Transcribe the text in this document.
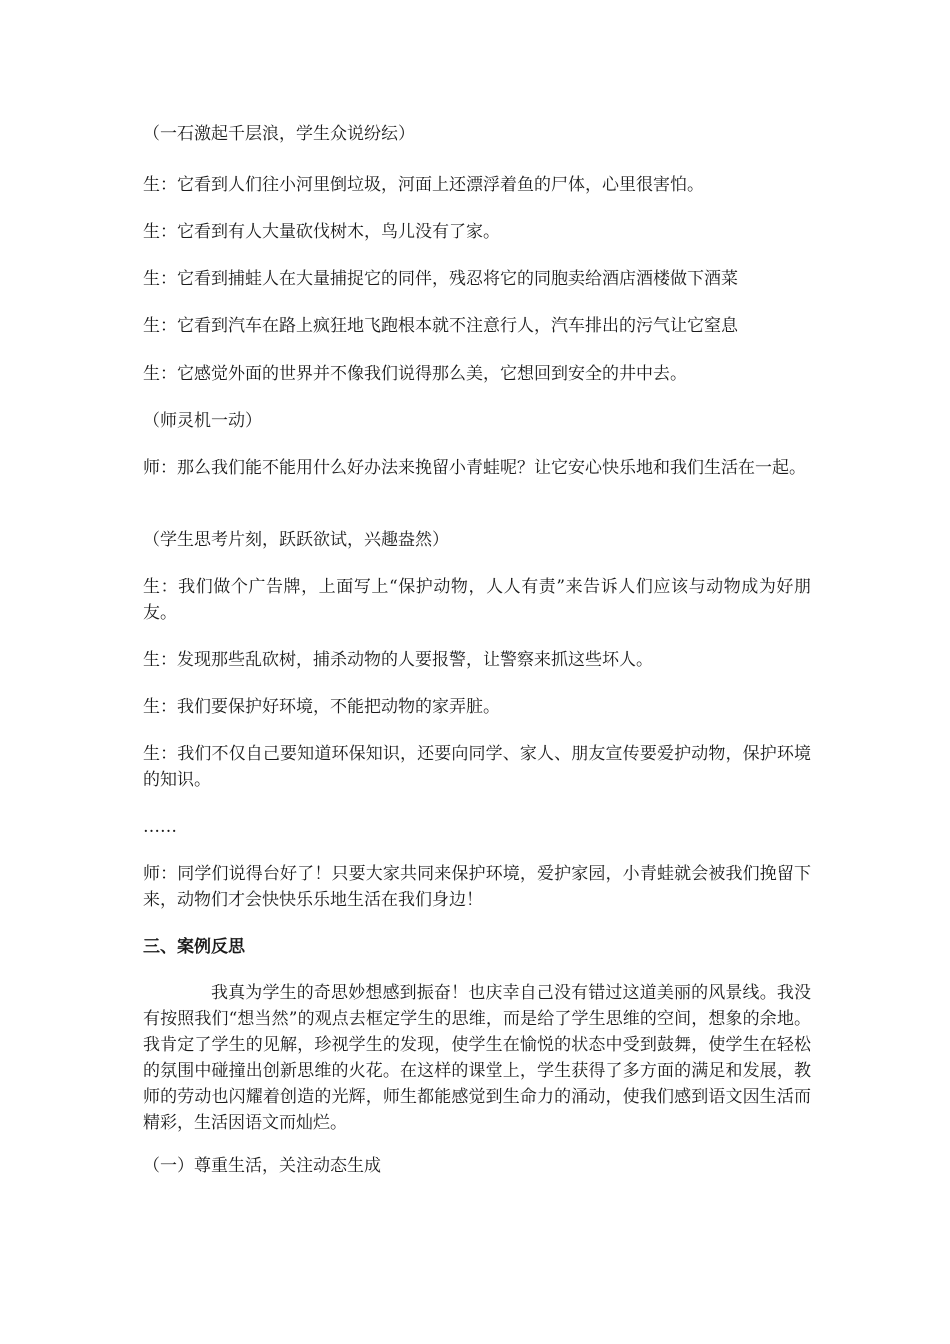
（一石激起千层浪，学生众说纷纭）
生：它看到人们往小河里倒垃圾，河面上还漂浮着鱼的尸体，心里很害怕。
生：它看到有人大量砍伐树木，鸟儿没有了家。
生：它看到捕蛙人在大量捕捉它的同伴，残忍将它的同胞卖给酒店酒楼做下酒菜
生：它看到汽车在路上疯狂地飞跑根本就不注意行人，汽车排出的污气让它窒息
生：它感觉外面的世界并不像我们说得那么美，它想回到安全的井中去。
（师灵机一动）
师：那么我们能不能用什么好办法来挽留小青蛙呢？让它安心快乐地和我们生活在一起。
（学生思考片刻，跃跃欲试，兴趣盎然）
生：我们做个广告牌，上面写上“保护动物，人人有责”来告诉人们应该与动物成为好朋友。
生：发现那些乱砍树，捕杀动物的人要报警，让警察来抓这些坏人。
生：我们要保护好环境，不能把动物的家弄脏。
生：我们不仅自己要知道环保知识，还要向同学、家人、朋友宣传要爱护动物，保护环境的知识。
……
师：同学们说得台好了！只要大家共同来保护环境，爱护家园，小青蛙就会被我们挽留下来，动物们才会快快乐乐地生活在我们身边！
三、案例反思
我真为学生的奇思妙想感到振奋！也庆幸自己没有错过这道美丽的风景线。我没有按照我们“想当然”的观点去框定学生的思维，而是给了学生思维的空间，想象的余地。我肯定了学生的见解，珍视学生的发现，使学生在愉悦的状态中受到鼓舞，使学生在轻松的氛围中碰撞出创新思维的火花。在这样的课堂上，学生获得了多方面的满足和发展，教师的劳动也闪耀着创造的光辉，师生都能感觉到生命力的涌动，使我们感到语文因生活而精彩，生活因语文而灿烂。
（一）尊重生活，关注动态生成
